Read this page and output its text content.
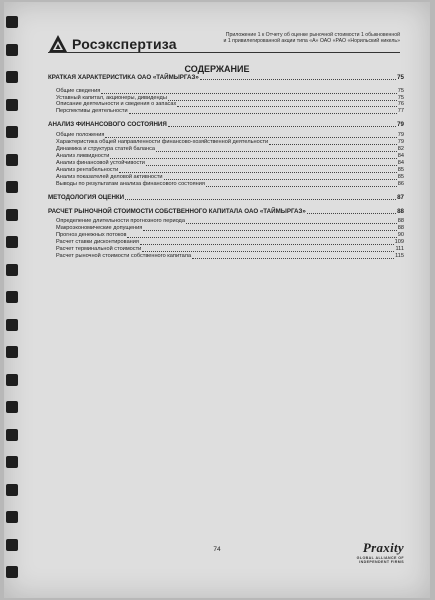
Росэкспертиза
Приложение 1 к Отчету об оценке рыночной стоимости 1 обыкновенной
и 1 привилегированной акции типа «А» ОАО «РАО «Норильский никель»
СОДЕРЖАНИЕ
КРАТКАЯ ХАРАКТЕРИСТИКА ОАО «ТАЙМЫРГАЗ»	75
Общие сведения	75
Уставный капитал, акционеры, дивиденды	75
Описание деятельности и сведения о запасах	76
Перспективы деятельности	77
АНАЛИЗ ФИНАНСОВОГО СОСТОЯНИЯ	79
Общие положения	79
Характеристика общей направленности финансово-хозяйственной деятельности	79
Динамика и структура статей баланса	82
Анализ ликвидности	84
Анализ финансовой устойчивости	84
Анализ рентабельности	85
Анализ показателей деловой активности	85
Выводы по результатам анализа финансового состояния	86
МЕТОДОЛОГИЯ ОЦЕНКИ	87
РАСЧЕТ РЫНОЧНОЙ СТОИМОСТИ СОБСТВЕННОГО КАПИТАЛА ОАО «ТАЙМЫРГАЗ»	88
Определение длительности прогнозного периода	88
Макроэкономические допущения	88
Прогноз денежных потоков	90
Расчет ставки дисконтирования	109
Расчет терминальной стоимости	111
Расчет рыночной стоимости собственного капитала	115
74	Praxity
GLOBAL ALLIANCE OF
INDEPENDENT FIRMS
